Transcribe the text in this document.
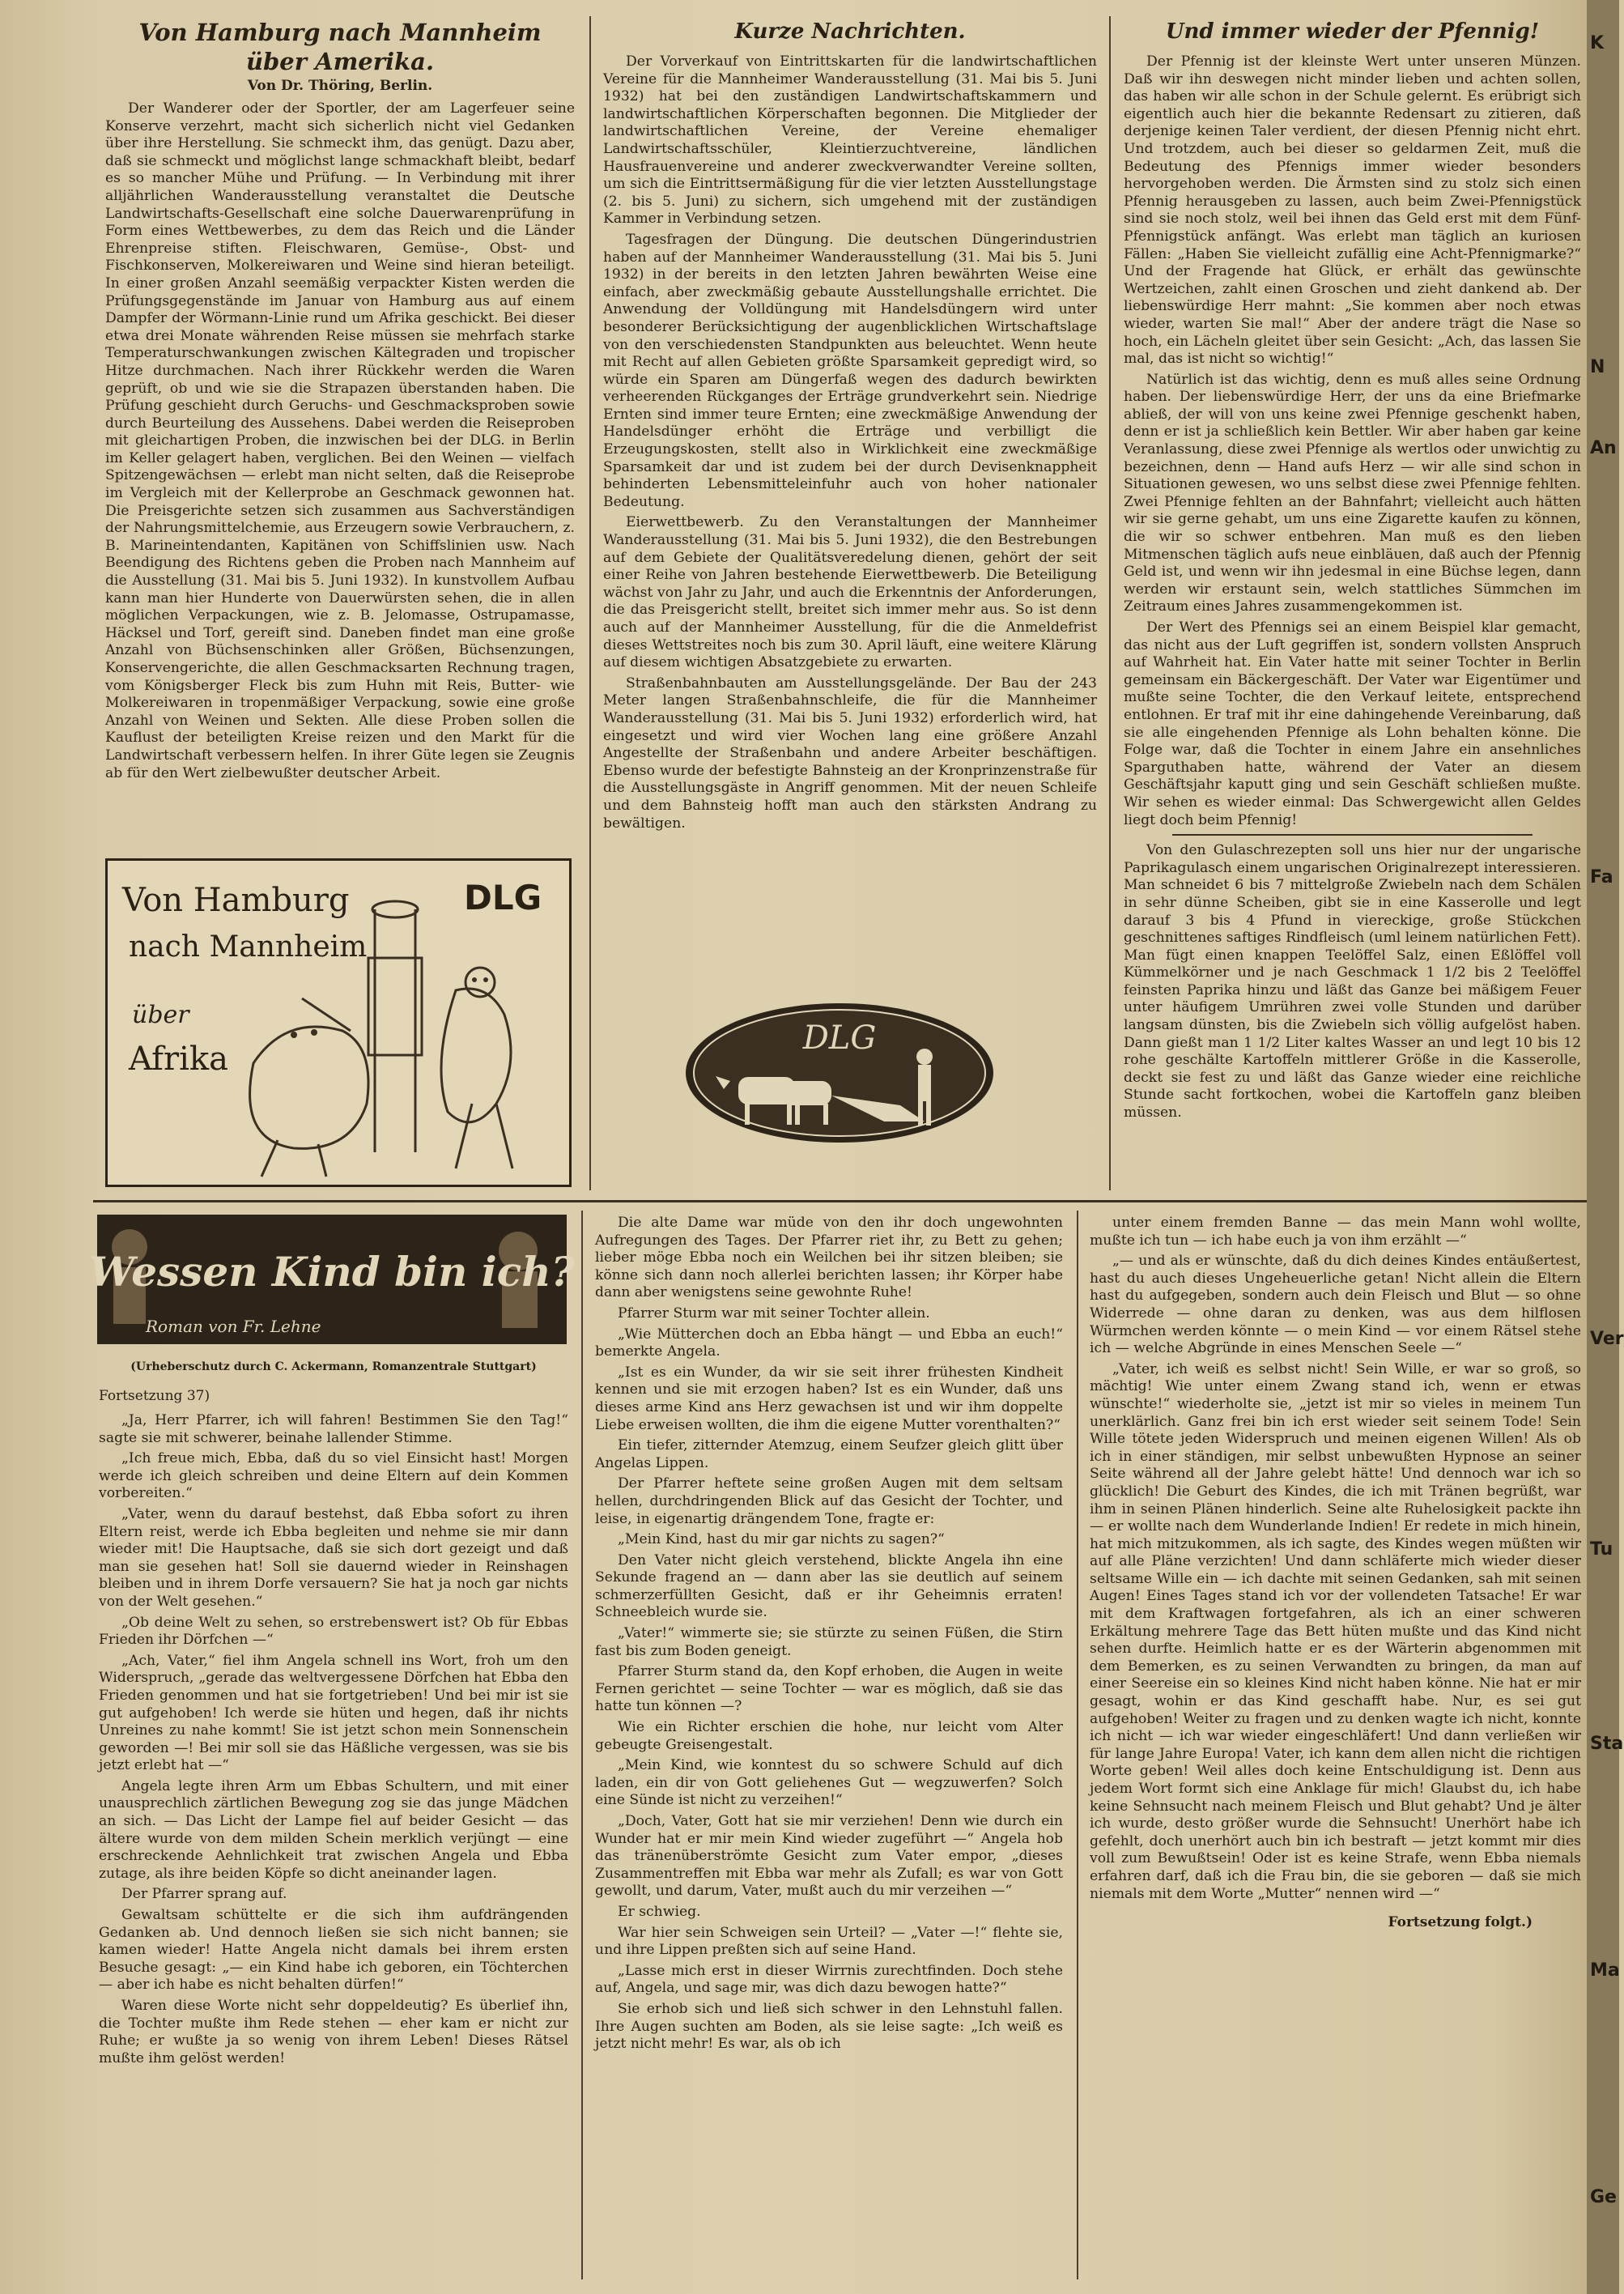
K
N
An
Fa
Ver
Tu
Sta
Ma
Ge
Von Hamburg nach Mannheim über Amerika.
Von Dr. Thöring, Berlin.

Der Wanderer oder der Sportler, der am Lagerfeuer seine Konserve verzehrt, macht sich sicherlich nicht viel Gedanken über ihre Herstellung. Sie schmeckt ihm, das genügt. Dazu aber, daß sie schmeckt und möglichst lange schmackhaft bleibt, bedarf es so mancher Mühe und Prüfung. — In Verbindung mit ihrer alljährlichen Wanderausstellung veranstaltet die Deutsche Landwirtschafts-Gesellschaft eine solche Dauerwarenprüfung in Form eines Wettbewerbes, zu dem das Reich und die Länder Ehrenpreise stiften. Fleischwaren, Gemüse-, Obst- und Fischkonserven, Molkereiwaren und Weine sind hieran beteiligt. In einer großen Anzahl seemäßig verpackter Kisten werden die Prüfungsgegenstände im Januar von Hamburg aus auf einem Dampfer der Wörmann-Linie rund um Afrika geschickt. Bei dieser etwa drei Monate währenden Reise müssen sie mehrfach starke Temperaturschwankungen zwischen Kältegraden und tropischer Hitze durchmachen. Nach ihrer Rückkehr werden die Waren geprüft, ob und wie sie die Strapazen überstanden haben. Die Prüfung geschieht durch Geruchs- und Geschmacksproben sowie durch Beurteilung des Aussehens. Dabei werden die Reiseproben mit gleichartigen Proben, die inzwischen bei der DLG. in Berlin im Keller gelagert haben, verglichen. Bei den Weinen — vielfach Spitzengewächsen — erlebt man nicht selten, daß die Reiseprobe im Vergleich mit der Kellerprobe an Geschmack gewonnen hat. Die Preisgerichte setzen sich zusammen aus Sachverständigen der Nahrungsmittelchemie, aus Erzeugern sowie Verbrauchern, z. B. Marineintendanten, Kapitänen von Schiffslinien usw. Nach Beendigung des Richtens geben die Proben nach Mannheim auf die Ausstellung (31. Mai bis 5. Juni 1932). In kunstvollem Aufbau kann man hier Hunderte von Dauerwürsten sehen, die in allen möglichen Verpackungen, wie z. B. Jelomasse, Ostrupamasse, Häcksel und Torf, gereift sind. Daneben findet man eine große Anzahl von Büchsenschinken aller Größen, Büchsenzungen, Konservengerichte, die allen Geschmacksarten Rechnung tragen, vom Königsberger Fleck bis zum Huhn mit Reis, Butter- wie Molkereiwaren in tropenmäßiger Verpackung, sowie eine große Anzahl von Weinen und Sekten. Alle diese Proben sollen die Kauflust der beteiligten Kreise reizen und den Markt für die Landwirtschaft verbessern helfen. In ihrer Güte legen sie Zeugnis ab für den Wert zielbewußter deutscher Arbeit.

Von Hamburg
nach Mannheim
über
Afrika
DLG
Kurze Nachrichten.

Der Vorverkauf von Eintrittskarten für die landwirtschaftlichen Vereine für die Mannheimer Wanderausstellung (31. Mai bis 5. Juni 1932) hat bei den zuständigen Landwirtschaftskammern und landwirtschaftlichen Körperschaften begonnen. Die Mitglieder der landwirtschaftlichen Vereine, der Vereine ehemaliger Landwirtschaftsschüler, Kleintierzuchtvereine, ländlichen Hausfrauenvereine und anderer zweckverwandter Vereine sollten, um sich die Eintrittsermäßigung für die vier letzten Ausstellungstage (2. bis 5. Juni) zu sichern, sich umgehend mit der zuständigen Kammer in Verbindung setzen.

Tagesfragen der Düngung. Die deutschen Düngerindustrien haben auf der Mannheimer Wanderausstellung (31. Mai bis 5. Juni 1932) in der bereits in den letzten Jahren bewährten Weise eine einfach, aber zweckmäßig gebaute Ausstellungshalle errichtet. Die Anwendung der Volldüngung mit Handelsdüngern wird unter besonderer Berücksichtigung der augenblicklichen Wirtschaftslage von den verschiedensten Standpunkten aus beleuchtet. Wenn heute mit Recht auf allen Gebieten größte Sparsamkeit gepredigt wird, so würde ein Sparen am Düngerfaß wegen des dadurch bewirkten verheerenden Rückganges der Erträge grundverkehrt sein. Niedrige Ernten sind immer teure Ernten; eine zweckmäßige Anwendung der Handelsdünger erhöht die Erträge und verbilligt die Erzeugungskosten, stellt also in Wirklichkeit eine zweckmäßige Sparsamkeit dar und ist zudem bei der durch Devisenknappheit behinderten Lebensmitteleinfuhr auch von hoher nationaler Bedeutung.

Eierwettbewerb. Zu den Veranstaltungen der Mannheimer Wanderausstellung (31. Mai bis 5. Juni 1932), die den Bestrebungen auf dem Gebiete der Qualitätsveredelung dienen, gehört der seit einer Reihe von Jahren bestehende Eierwettbewerb. Die Beteiligung wächst von Jahr zu Jahr, und auch die Erkenntnis der Anforderungen, die das Preisgericht stellt, breitet sich immer mehr aus. So ist denn auch auf der Mannheimer Ausstellung, für die die Anmeldefrist dieses Wettstreites noch bis zum 30. April läuft, eine weitere Klärung auf diesem wichtigen Absatzgebiete zu erwarten.

Straßenbahnbauten am Ausstellungsgelände. Der Bau der 243 Meter langen Straßenbahnschleife, die für die Mannheimer Wanderausstellung (31. Mai bis 5. Juni 1932) erforderlich wird, hat eingesetzt und wird vier Wochen lang eine größere Anzahl Angestellte der Straßenbahn und andere Arbeiter beschäftigen. Ebenso wurde der befestigte Bahnsteig an der Kronprinzenstraße für die Ausstellungsgäste in Angriff genommen. Mit der neuen Schleife und dem Bahnsteig hofft man auch den stärksten Andrang zu bewältigen.

DLG
Und immer wieder der Pfennig!

Der Pfennig ist der kleinste Wert unter unseren Münzen. Daß wir ihn deswegen nicht minder lieben und achten sollen, das haben wir alle schon in der Schule gelernt. Es erübrigt sich eigentlich auch hier die bekannte Redensart zu zitieren, daß derjenige keinen Taler verdient, der diesen Pfennig nicht ehrt. Und trotzdem, auch bei dieser so geldarmen Zeit, muß die Bedeutung des Pfennigs immer wieder besonders hervorgehoben werden. Die Ärmsten sind zu stolz sich einen Pfennig herausgeben zu lassen, auch beim Zwei-Pfennigstück sind sie noch stolz, weil bei ihnen das Geld erst mit dem Fünf-Pfennigstück anfängt. Was erlebt man täglich an kuriosen Fällen: „Haben Sie vielleicht zufällig eine Acht-Pfennigmarke?“ Und der Fragende hat Glück, er erhält das gewünschte Wertzeichen, zahlt einen Groschen und zieht dankend ab. Der liebenswürdige Herr mahnt: „Sie kommen aber noch etwas wieder, warten Sie mal!“ Aber der andere trägt die Nase so hoch, ein Lächeln gleitet über sein Gesicht: „Ach, das lassen Sie mal, das ist nicht so wichtig!“

Natürlich ist das wichtig, denn es muß alles seine Ordnung haben. Der liebenswürdige Herr, der uns da eine Briefmarke abließ, der will von uns keine zwei Pfennige geschenkt haben, denn er ist ja schließlich kein Bettler. Wir aber haben gar keine Veranlassung, diese zwei Pfennige als wertlos oder unwichtig zu bezeichnen, denn — Hand aufs Herz — wir alle sind schon in Situationen gewesen, wo uns selbst diese zwei Pfennige fehlten. Zwei Pfennige fehlten an der Bahnfahrt; vielleicht auch hätten wir sie gerne gehabt, um uns eine Zigarette kaufen zu können, die wir so schwer entbehren. Man muß es den lieben Mitmenschen täglich aufs neue einbläuen, daß auch der Pfennig Geld ist, und wenn wir ihn jedesmal in eine Büchse legen, dann werden wir erstaunt sein, welch stattliches Sümmchen im Zeitraum eines Jahres zusammengekommen ist.

Der Wert des Pfennigs sei an einem Beispiel klar gemacht, das nicht aus der Luft gegriffen ist, sondern vollsten Anspruch auf Wahrheit hat. Ein Vater hatte mit seiner Tochter in Berlin gemeinsam ein Bäckergeschäft. Der Vater war Eigentümer und mußte seine Tochter, die den Verkauf leitete, entsprechend entlohnen. Er traf mit ihr eine dahingehende Vereinbarung, daß sie alle eingehenden Pfennige als Lohn behalten könne. Die Folge war, daß die Tochter in einem Jahre ein ansehnliches Sparguthaben hatte, während der Vater an diesem Geschäftsjahr kaputt ging und sein Geschäft schließen mußte. Wir sehen es wieder einmal: Das Schwergewicht allen Geldes liegt doch beim Pfennig!

Von den Gulaschrezepten soll uns hier nur der ungarische Paprikagulasch einem ungarischen Originalrezept interessieren. Man schneidet 6 bis 7 mittelgroße Zwiebeln nach dem Schälen in sehr dünne Scheiben, gibt sie in eine Kasserolle und legt darauf 3 bis 4 Pfund in viereckige, große Stückchen geschnittenes saftiges Rindfleisch (uml leinem natürlichen Fett). Man fügt einen knappen Teelöffel Salz, einen Eßlöffel voll Kümmelkörner und je nach Geschmack 1 1/2 bis 2 Teelöffel feinsten Paprika hinzu und läßt das Ganze bei mäßigem Feuer unter häufigem Umrühren zwei volle Stunden und darüber langsam dünsten, bis die Zwiebeln sich völlig aufgelöst haben. Dann gießt man 1 1/2 Liter kaltes Wasser an und legt 10 bis 12 rohe geschälte Kartoffeln mittlerer Größe in die Kasserolle, deckt sie fest zu und läßt das Ganze wieder eine reichliche Stunde sacht fortkochen, wobei die Kartoffeln ganz bleiben müssen.

Wessen Kind bin ich?
Roman von Fr. Lehne
(Urheberschutz durch C. Ackermann, Romanzentrale Stuttgart)
Fortsetzung 37)

„Ja, Herr Pfarrer, ich will fahren! Bestimmen Sie den Tag!“ sagte sie mit schwerer, beinahe lallender Stimme.

„Ich freue mich, Ebba, daß du so viel Einsicht hast! Morgen werde ich gleich schreiben und deine Eltern auf dein Kommen vorbereiten.“

„Vater, wenn du darauf bestehst, daß Ebba sofort zu ihren Eltern reist, werde ich Ebba begleiten und nehme sie mir dann wieder mit! Die Hauptsache, daß sie sich dort gezeigt und daß man sie gesehen hat! Soll sie dauernd wieder in Reinshagen bleiben und in ihrem Dorfe versauern? Sie hat ja noch gar nichts von der Welt gesehen.“

„Ob deine Welt zu sehen, so erstrebenswert ist? Ob für Ebbas Frieden ihr Dörfchen —“

„Ach, Vater,“ fiel ihm Angela schnell ins Wort, froh um den Widerspruch, „gerade das weltvergessene Dörfchen hat Ebba den Frieden genommen und hat sie fortgetrieben! Und bei mir ist sie gut aufgehoben! Ich werde sie hüten und hegen, daß ihr nichts Unreines zu nahe kommt! Sie ist jetzt schon mein Sonnenschein geworden —! Bei mir soll sie das Häßliche vergessen, was sie bis jetzt erlebt hat —“

Angela legte ihren Arm um Ebbas Schultern, und mit einer unausprechlich zärtlichen Bewegung zog sie das junge Mädchen an sich. — Das Licht der Lampe fiel auf beider Gesicht — das ältere wurde von dem milden Schein merklich verjüngt — eine erschreckende Aehnlichkeit trat zwischen Angela und Ebba zutage, als ihre beiden Köpfe so dicht aneinander lagen.

Der Pfarrer sprang auf.

Gewaltsam schüttelte er die sich ihm aufdrängenden Gedanken ab. Und dennoch ließen sie sich nicht bannen; sie kamen wieder! Hatte Angela nicht damals bei ihrem ersten Besuche gesagt: „— ein Kind habe ich geboren, ein Töchterchen — aber ich habe es nicht behalten dürfen!“

Waren diese Worte nicht sehr doppeldeutig? Es überlief ihn, die Tochter mußte ihm Rede stehen — eher kam er nicht zur Ruhe; er wußte ja so wenig von ihrem Leben! Dieses Rätsel mußte ihm gelöst werden!

Die alte Dame war müde von den ihr doch ungewohnten Aufregungen des Tages. Der Pfarrer riet ihr, zu Bett zu gehen; lieber möge Ebba noch ein Weilchen bei ihr sitzen bleiben; sie könne sich dann noch allerlei berichten lassen; ihr Körper habe dann aber wenigstens seine gewohnte Ruhe!

Pfarrer Sturm war mit seiner Tochter allein.

„Wie Mütterchen doch an Ebba hängt — und Ebba an euch!“ bemerkte Angela.

„Ist es ein Wunder, da wir sie seit ihrer frühesten Kindheit kennen und sie mit erzogen haben? Ist es ein Wunder, daß uns dieses arme Kind ans Herz gewachsen ist und wir ihm doppelte Liebe erweisen wollten, die ihm die eigene Mutter vorenthalten?“

Ein tiefer, zitternder Atemzug, einem Seufzer gleich glitt über Angelas Lippen.

Der Pfarrer heftete seine großen Augen mit dem seltsam hellen, durchdringenden Blick auf das Gesicht der Tochter, und leise, in eigenartig drängendem Tone, fragte er:

„Mein Kind, hast du mir gar nichts zu sagen?“

Den Vater nicht gleich verstehend, blickte Angela ihn eine Sekunde fragend an — dann aber las sie deutlich auf seinem schmerzerfüllten Gesicht, daß er ihr Geheimnis erraten! Schneebleich wurde sie.

„Vater!“ wimmerte sie; sie stürzte zu seinen Füßen, die Stirn fast bis zum Boden geneigt.

Pfarrer Sturm stand da, den Kopf erhoben, die Augen in weite Fernen gerichtet — seine Tochter — war es möglich, daß sie das hatte tun können —?

Wie ein Richter erschien die hohe, nur leicht vom Alter gebeugte Greisengestalt.

„Mein Kind, wie konntest du so schwere Schuld auf dich laden, ein dir von Gott geliehenes Gut — wegzuwerfen? Solch eine Sünde ist nicht zu verzeihen!“

„Doch, Vater, Gott hat sie mir verziehen! Denn wie durch ein Wunder hat er mir mein Kind wieder zugeführt —“ Angela hob das tränenüberströmte Gesicht zum Vater empor, „dieses Zusammentreffen mit Ebba war mehr als Zufall; es war von Gott gewollt, und darum, Vater, mußt auch du mir verzeihen —“

Er schwieg.

War hier sein Schweigen sein Urteil? — „Vater —!“ flehte sie, und ihre Lippen preßten sich auf seine Hand.

„Lasse mich erst in dieser Wirrnis zurechtfinden. Doch stehe auf, Angela, und sage mir, was dich dazu bewogen hatte?“

Sie erhob sich und ließ sich schwer in den Lehnstuhl fallen. Ihre Augen suchten am Boden, als sie leise sagte: „Ich weiß es jetzt nicht mehr! Es war, als ob ich

unter einem fremden Banne — das mein Mann wohl wollte, mußte ich tun — ich habe euch ja von ihm erzählt —“

„— und als er wünschte, daß du dich deines Kindes entäußertest, hast du auch dieses Ungeheuerliche getan! Nicht allein die Eltern hast du aufgegeben, sondern auch dein Fleisch und Blut — so ohne Widerrede — ohne daran zu denken, was aus dem hilflosen Würmchen werden könnte — o mein Kind — vor einem Rätsel stehe ich — welche Abgründe in eines Menschen Seele —“

„Vater, ich weiß es selbst nicht! Sein Wille, er war so groß, so mächtig! Wie unter einem Zwang stand ich, wenn er etwas wünschte!“ wiederholte sie, „jetzt ist mir so vieles in meinem Tun unerklärlich. Ganz frei bin ich erst wieder seit seinem Tode! Sein Wille tötete jeden Widerspruch und meinen eigenen Willen! Als ob ich in einer ständigen, mir selbst unbewußten Hypnose an seiner Seite während all der Jahre gelebt hätte! Und dennoch war ich so glücklich! Die Geburt des Kindes, die ich mit Tränen begrüßt, war ihm in seinen Plänen hinderlich. Seine alte Ruhelosigkeit packte ihn — er wollte nach dem Wunderlande Indien! Er redete in mich hinein, hat mich mitzukommen, als ich sagte, des Kindes wegen müßten wir auf alle Pläne verzichten! Und dann schläferte mich wieder dieser seltsame Wille ein — ich dachte mit seinen Gedanken, sah mit seinen Augen! Eines Tages stand ich vor der vollendeten Tatsache! Er war mit dem Kraftwagen fortgefahren, als ich an einer schweren Erkältung mehrere Tage das Bett hüten mußte und das Kind nicht sehen durfte. Heimlich hatte er es der Wärterin abgenommen mit dem Bemerken, es zu seinen Verwandten zu bringen, da man auf einer Seereise ein so kleines Kind nicht haben könne. Nie hat er mir gesagt, wohin er das Kind geschafft habe. Nur, es sei gut aufgehoben! Weiter zu fragen und zu denken wagte ich nicht, konnte ich nicht — ich war wieder eingeschläfert! Und dann verließen wir für lange Jahre Europa! Vater, ich kann dem allen nicht die richtigen Worte geben! Weil alles doch keine Entschuldigung ist. Denn aus jedem Wort formt sich eine Anklage für mich! Glaubst du, ich habe keine Sehnsucht nach meinem Fleisch und Blut gehabt? Und je älter ich wurde, desto größer wurde die Sehnsucht! Unerhört habe ich gefehlt, doch unerhört auch bin ich bestraft — jetzt kommt mir dies voll zum Bewußtsein! Oder ist es keine Strafe, wenn Ebba niemals erfahren darf, daß ich die Frau bin, die sie geboren — daß sie mich niemals mit dem Worte „Mutter“ nennen wird —“

Fortsetzung folgt.)
